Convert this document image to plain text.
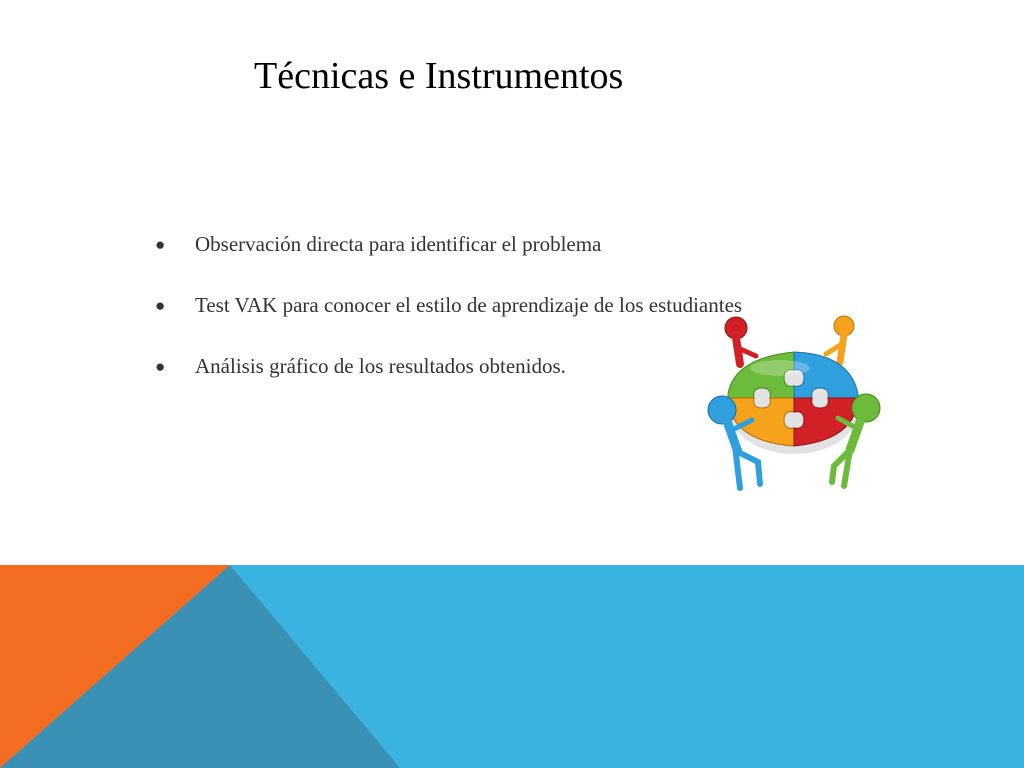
Técnicas e Instrumentos
● Observación directa para identificar el problema
● Test VAK para conocer el estilo de aprendizaje de los estudiantes
● Análisis gráfico de los resultados obtenidos.
